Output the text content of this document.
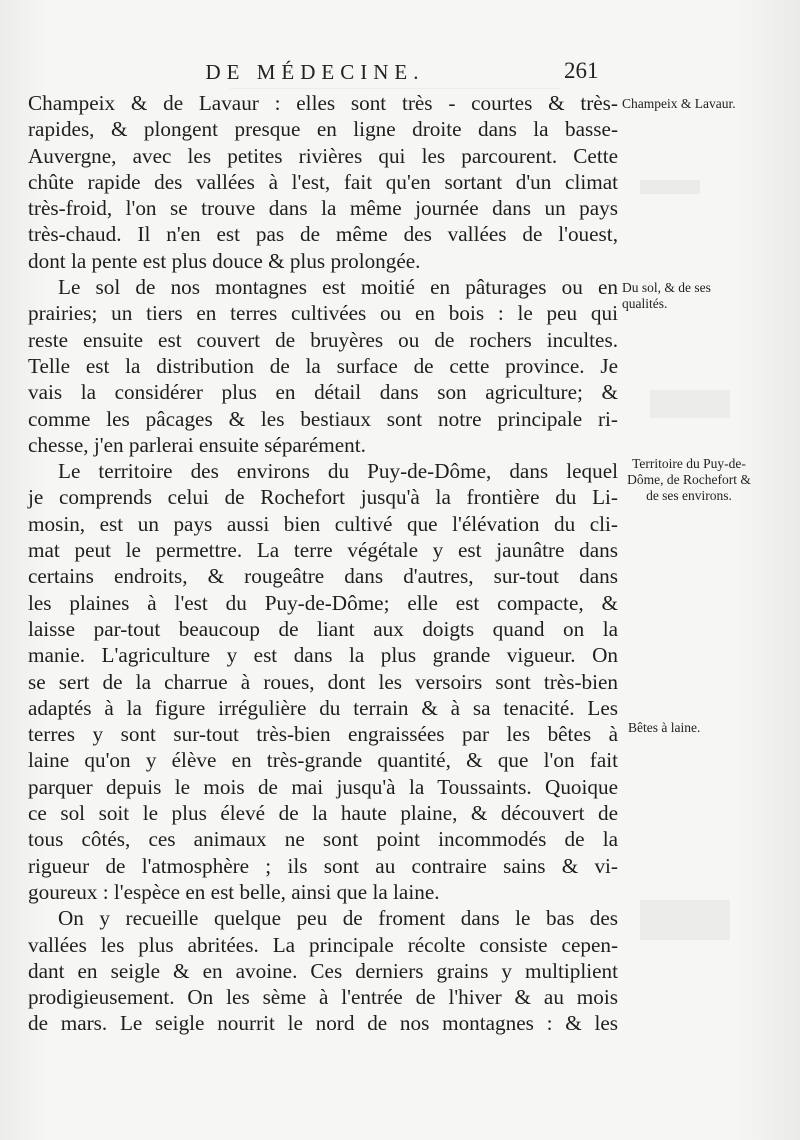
DE MÉDECINE.	261
Champeix & de Lavaur : elles sont très - courtes & très-
rapides, & plongent presque en ligne droite dans la basse-
Auvergne, avec les petites rivières qui les parcourent. Cette
chûte rapide des vallées à l'est, fait qu'en sortant d'un climat
très-froid, l'on se trouve dans la même journée dans un pays
très-chaud. Il n'en est pas de même des vallées de l'ouest,
dont la pente est plus douce & plus prolongée.
Le sol de nos montagnes est moitié en pâturages ou en
prairies; un tiers en terres cultivées ou en bois : le peu qui
reste ensuite est couvert de bruyères ou de rochers incultes.
Telle est la distribution de la surface de cette province. Je
vais la considérer plus en détail dans son agriculture; &
comme les pâcages & les bestiaux sont notre principale ri-
chesse, j'en parlerai ensuite séparément.
Le territoire des environs du Puy-de-Dôme, dans lequel
je comprends celui de Rochefort jusqu'à la frontière du Li-
mosin, est un pays aussi bien cultivé que l'élévation du cli-
mat peut le permettre. La terre végétale y est jaunâtre dans
certains endroits, & rougeâtre dans d'autres, sur-tout dans
les plaines à l'est du Puy-de-Dôme; elle est compacte, &
laisse par-tout beaucoup de liant aux doigts quand on la
manie. L'agriculture y est dans la plus grande vigueur. On
se sert de la charrue à roues, dont les versoirs sont très-bien
adaptés à la figure irrégulière du terrain & à sa tenacité. Les
terres y sont sur-tout très-bien engraissées par les bêtes à
laine qu'on y élève en très-grande quantité, & que l'on fait
parquer depuis le mois de mai jusqu'à la Toussaints. Quoique
ce sol soit le plus élevé de la haute plaine, & découvert de
tous côtés, ces animaux ne sont point incommodés de la
rigueur de l'atmosphère ; ils sont au contraire sains & vi-
goureux : l'espèce en est belle, ainsi que la laine.
On y recueille quelque peu de froment dans le bas des
vallées les plus abritées. La principale récolte consiste cepen-
dant en seigle & en avoine. Ces derniers grains y multiplient
prodigieusement. On les sème à l'entrée de l'hiver & au mois
de mars. Le seigle nourrit le nord de nos montagnes : & les
Champeix & Lavaur.
Du sol, & de ses qualités.
Territoire du Puy-de-Dôme, de Rochefort & de ses environs.
Bêtes à laine.
